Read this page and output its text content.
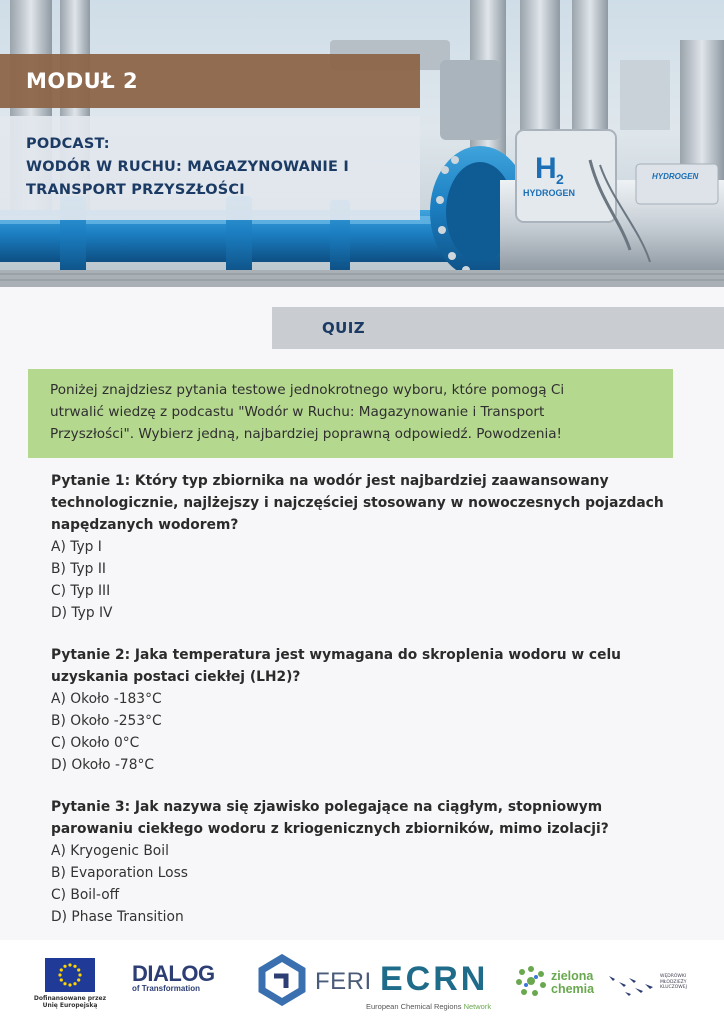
H 2
HYDROGEN
HYDROGEN
MODUŁ 2
PODCAST:
WODÓR W RUCHU: MAGAZYNOWANIE I
TRANSPORT PRZYSZŁOŚCI
QUIZ
Poniżej znajdziesz pytania testowe jednokrotnego wyboru, które pomogą Ci
utrwalić wiedzę z podcastu "Wodór w Ruchu: Magazynowanie i Transport
Przyszłości". Wybierz jedną, najbardziej poprawną odpowiedź. Powodzenia!
Pytanie 1: Który typ zbiornika na wodór jest najbardziej zaawansowany
technologicznie, najlżejszy i najczęściej stosowany w nowoczesnych pojazdach
napędzanych wodorem?
A) Typ I
B) Typ II
C) Typ III
D) Typ IV
Pytanie 2: Jaka temperatura jest wymagana do skroplenia wodoru w celu
uzyskania postaci ciekłej (LH2)?
A) Około -183°C
B) Około -253°C
C) Około 0°C
D) Około -78°C
Pytanie 3: Jak nazywa się zjawisko polegające na ciągłym, stopniowym
parowaniu ciekłego wodoru z kriogenicznych zbiorników, mimo izolacji?
A) Kryogenic Boil
B) Evaporation Loss
C) Boil-off
D) Phase Transition
Dofinansowane przez
Unię Europejską
DIALOG
of Transformation	FERI ECRN
European Chemical Regions Network
zielona
chemia
WĘDRÓWKI
MŁODZIEŻY
KLUCZOWEJ
